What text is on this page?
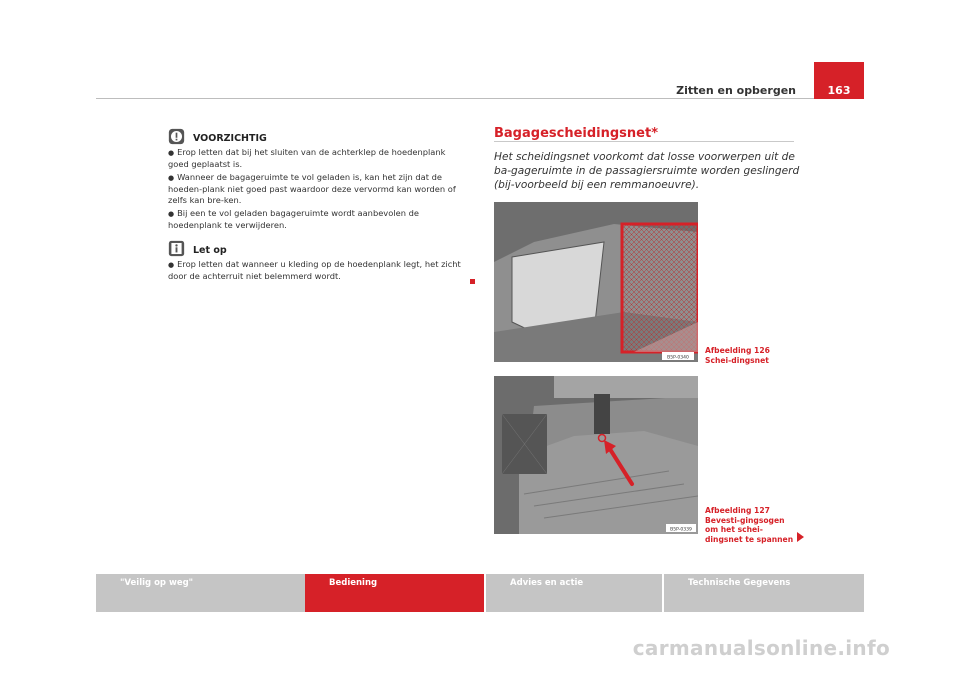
Zitten en opbergen	163
VOORZICHTIG

● Erop letten dat bij het sluiten van de achterklep de hoedenplank goed geplaatst is.

● Wanneer de bagageruimte te vol geladen is, kan het zijn dat de hoeden-plank niet goed past waardoor deze vervormd kan worden of zelfs kan bre-ken.

● Bij een te vol geladen bagageruimte wordt aanbevolen de hoedenplank te verwijderen.

Let op

● Erop letten dat wanneer u kleding op de hoedenplank legt, het zicht door de achterruit niet belemmerd wordt.

Bagagescheidingsnet*
Het scheidingsnet voorkomt dat losse voorwerpen uit de ba-gageruimte in de passagiersruimte worden geslingerd (bij-voorbeeld bij een remmanoeuvre).
B5P-0340
B5P-0339
Afbeelding 126 Schei-dingsnet
Afbeelding 127 Bevesti-gingsogen om het schei-dingsnet te spannen
"Veilig op weg"	Bediening	Advies en actie	Technische Gegevens
carmanualsonline.info
